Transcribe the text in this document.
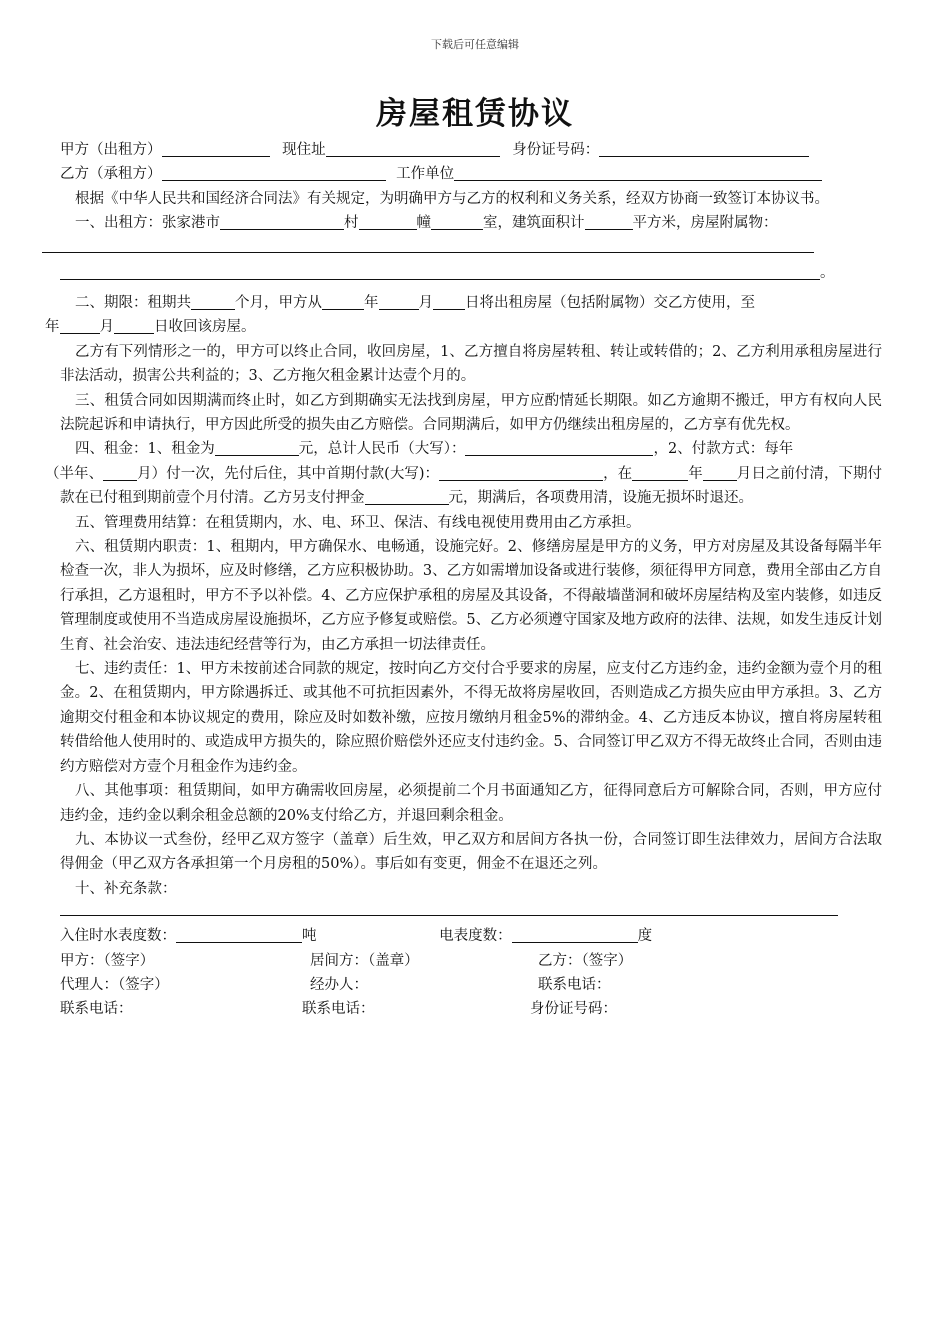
下载后可任意编辑
房屋租赁协议
甲方（出租方）	现住址	身份证号码：
乙方（承租方）	工作单位

根据《中华人民共和国经济合同法》有关规定，为明确甲方与乙方的权利和义务关系，经双方协商一致签订本协议书。

一、出租方：张家港市	村	幢	室，建筑面积计	平方米，房屋附属物：
。

二、期限：租期共	个月，甲方从	年	月 日将出租房屋（包括附属物）交乙方使用，至
年	月	日收回该房屋。

乙方有下列情形之一的，甲方可以终止合同，收回房屋，1、乙方擅自将房屋转租、转让或转借的；2、乙方利用承租房屋进行非法活动，损害公共利益的；3、乙方拖欠租金累计达壹个月的。

三、租赁合同如因期满而终止时，如乙方到期确实无法找到房屋，甲方应酌情延长期限。如乙方逾期不搬迁，甲方有权向人民法院起诉和申请执行，甲方因此所受的损失由乙方赔偿。合同期满后，如甲方仍继续出租房屋的，乙方享有优先权。

四、租金：1、租金为	元，总计人民币（大写）：	，2、付款方式：每年
（半年、 月）付一次，先付后住，其中首期付款(大写)：	，在	年 月日之前付清，下期付款在已付租到期前壹个月付清。乙方另支付押金	元，期满后，各项费用清，设施无损坏时退还。

五、管理费用结算：在租赁期内，水、电、环卫、保洁、有线电视使用费用由乙方承担。

六、租赁期内职责：1、租期内，甲方确保水、电畅通，设施完好。2、修缮房屋是甲方的义务，甲方对房屋及其设备每隔半年检查一次，非人为损坏，应及时修缮，乙方应积极协助。3、乙方如需增加设备或进行装修，须征得甲方同意，费用全部由乙方自行承担，乙方退租时，甲方不予以补偿。4、乙方应保护承租的房屋及其设备，不得敲墙凿洞和破坏房屋结构及室内装修，如违反管理制度或使用不当造成房屋设施损坏，乙方应予修复或赔偿。5、乙方必须遵守国家及地方政府的法律、法规，如发生违反计划生育、社会治安、违法违纪经营等行为，由乙方承担一切法律责任。

七、违约责任：1、甲方未按前述合同款的规定，按时向乙方交付合乎要求的房屋，应支付乙方违约金，违约金额为壹个月的租金。2、在租赁期内，甲方除遇拆迁、或其他不可抗拒因素外，不得无故将房屋收回，否则造成乙方损失应由甲方承担。3、乙方逾期交付租金和本协议规定的费用，除应及时如数补缴，应按月缴纳月租金5%的滞纳金。4、乙方违反本协议，擅自将房屋转租转借给他人使用时的、或造成甲方损失的，除应照价赔偿外还应支付违约金。5、合同签订甲乙双方不得无故终止合同，否则由违约方赔偿对方壹个月租金作为违约金。

八、其他事项：租赁期间，如甲方确需收回房屋，必须提前二个月书面通知乙方，征得同意后方可解除合同，否则，甲方应付违约金，违约金以剩余租金总额的20%支付给乙方，并退回剩余租金。

九、本协议一式叁份，经甲乙双方签字（盖章）后生效，甲乙双方和居间方各执一份，合同签订即生法律效力，居间方合法取得佣金（甲乙双方各承担第一个月房租的50%）。事后如有变更，佣金不在退还之列。

十、补充条款：

入住时水表度数：	吨	电表度数：	度
甲方：（签字）	居间方：（盖章）	乙方：（签字）
代理人：（签字）	经办人：	联系电话：
联系电话：	联系电话：	身份证号码：
